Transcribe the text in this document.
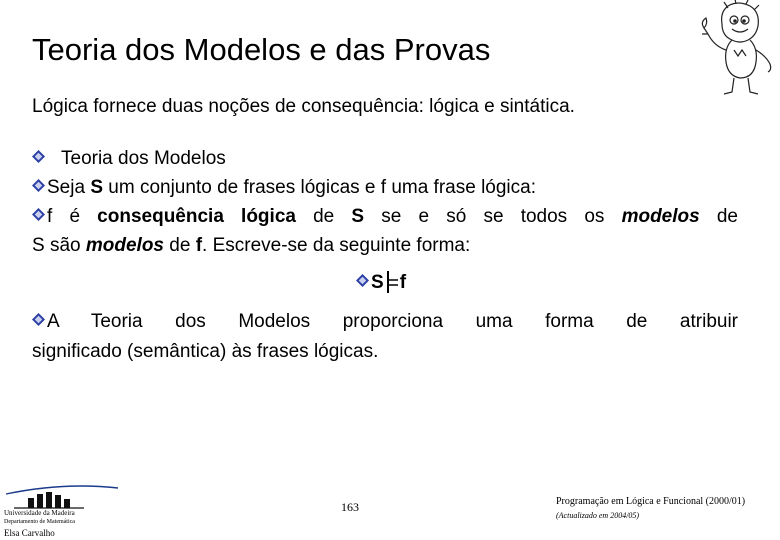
Teoria dos Modelos e das Provas
Lógica fornece duas noções de consequência: lógica e sintática.
Teoria dos Modelos
Seja S um conjunto de frases lógicas e f uma frase lógica:
f é consequência lógica de S se e só se todos os modelos de
S são modelos de f. Escreve-se da seguinte forma:
S f
A Teoria dos Modelos proporciona uma forma de atribuir
significado (semântica) às frases lógicas.
Universidade da Madeira
Departamento de Matemática
Elsa Carvalho
163	Programação em Lógica e Funcional (2000/01)
(Actualizado em 2004/05)
